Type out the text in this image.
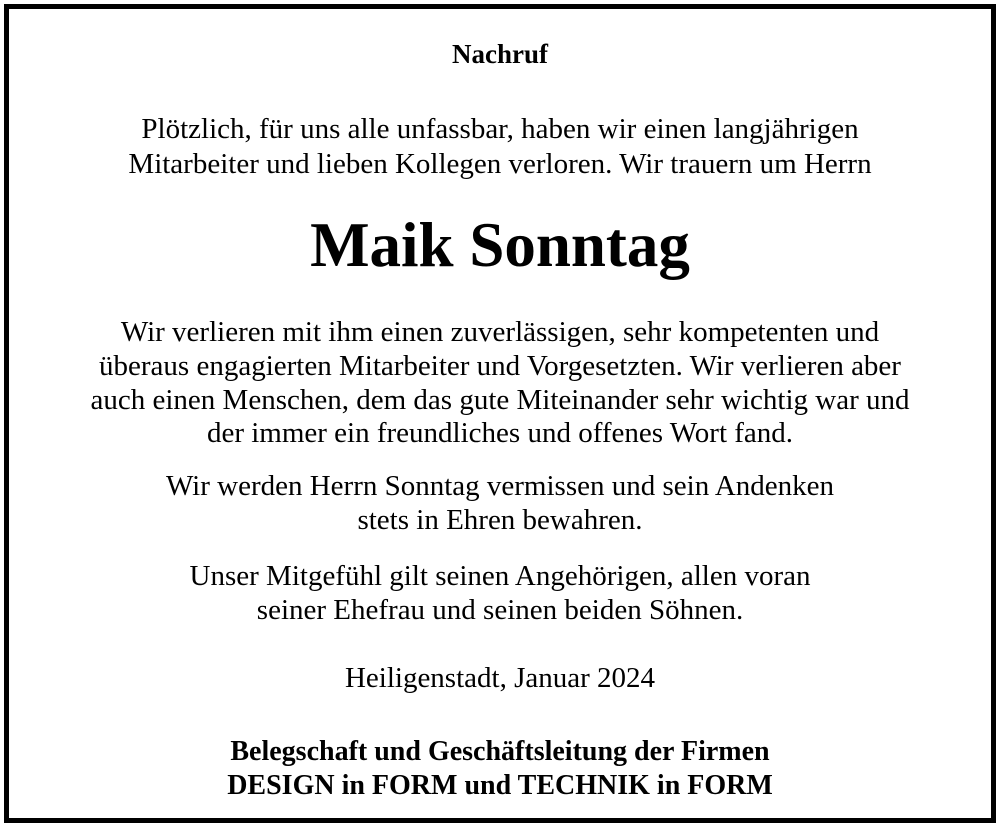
Nachruf
Plötzlich, für uns alle unfassbar, haben wir einen langjährigen
Mitarbeiter und lieben Kollegen verloren. Wir trauern um Herrn
Maik Sonntag
Wir verlieren mit ihm einen zuverlässigen, sehr kompetenten und
überaus engagierten Mitarbeiter und Vorgesetzten. Wir verlieren aber
auch einen Menschen, dem das gute Miteinander sehr wichtig war und
der immer ein freundliches und offenes Wort fand.
Wir werden Herrn Sonntag vermissen und sein Andenken
stets in Ehren bewahren.
Unser Mitgefühl gilt seinen Angehörigen, allen voran
seiner Ehefrau und seinen beiden Söhnen.
Heiligenstadt, Januar 2024
Belegschaft und Geschäftsleitung der Firmen
DESIGN in FORM und TECHNIK in FORM
